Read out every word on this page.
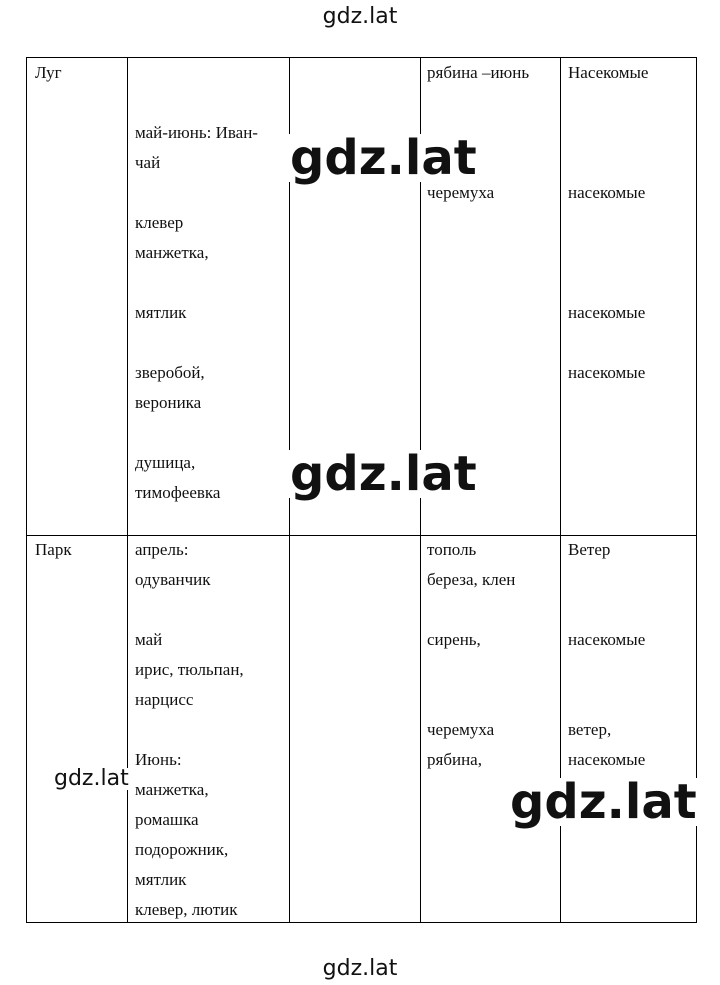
gdz.lat
Луг
май-июнь: Иван-
чай
клевер
манжетка,
мятлик
зверобой,
вероника
душица,
тимофеевка
рябина –июнь
черемуха
Насекомые
насекомые
насекомые
насекомые
Парк	апрель:
одуванчик
май
ирис, тюльпан,
нарцисс
Июнь:
манжетка,
ромашка
подорожник,
мятлик
клевер, лютик
тополь
береза, клен
сирень,
черемуха
рябина,
Ветер
насекомые
ветер,
насекомые
gdz.lat
gdz.lat
gdz.lat
gdz.lat
gdz.lat
